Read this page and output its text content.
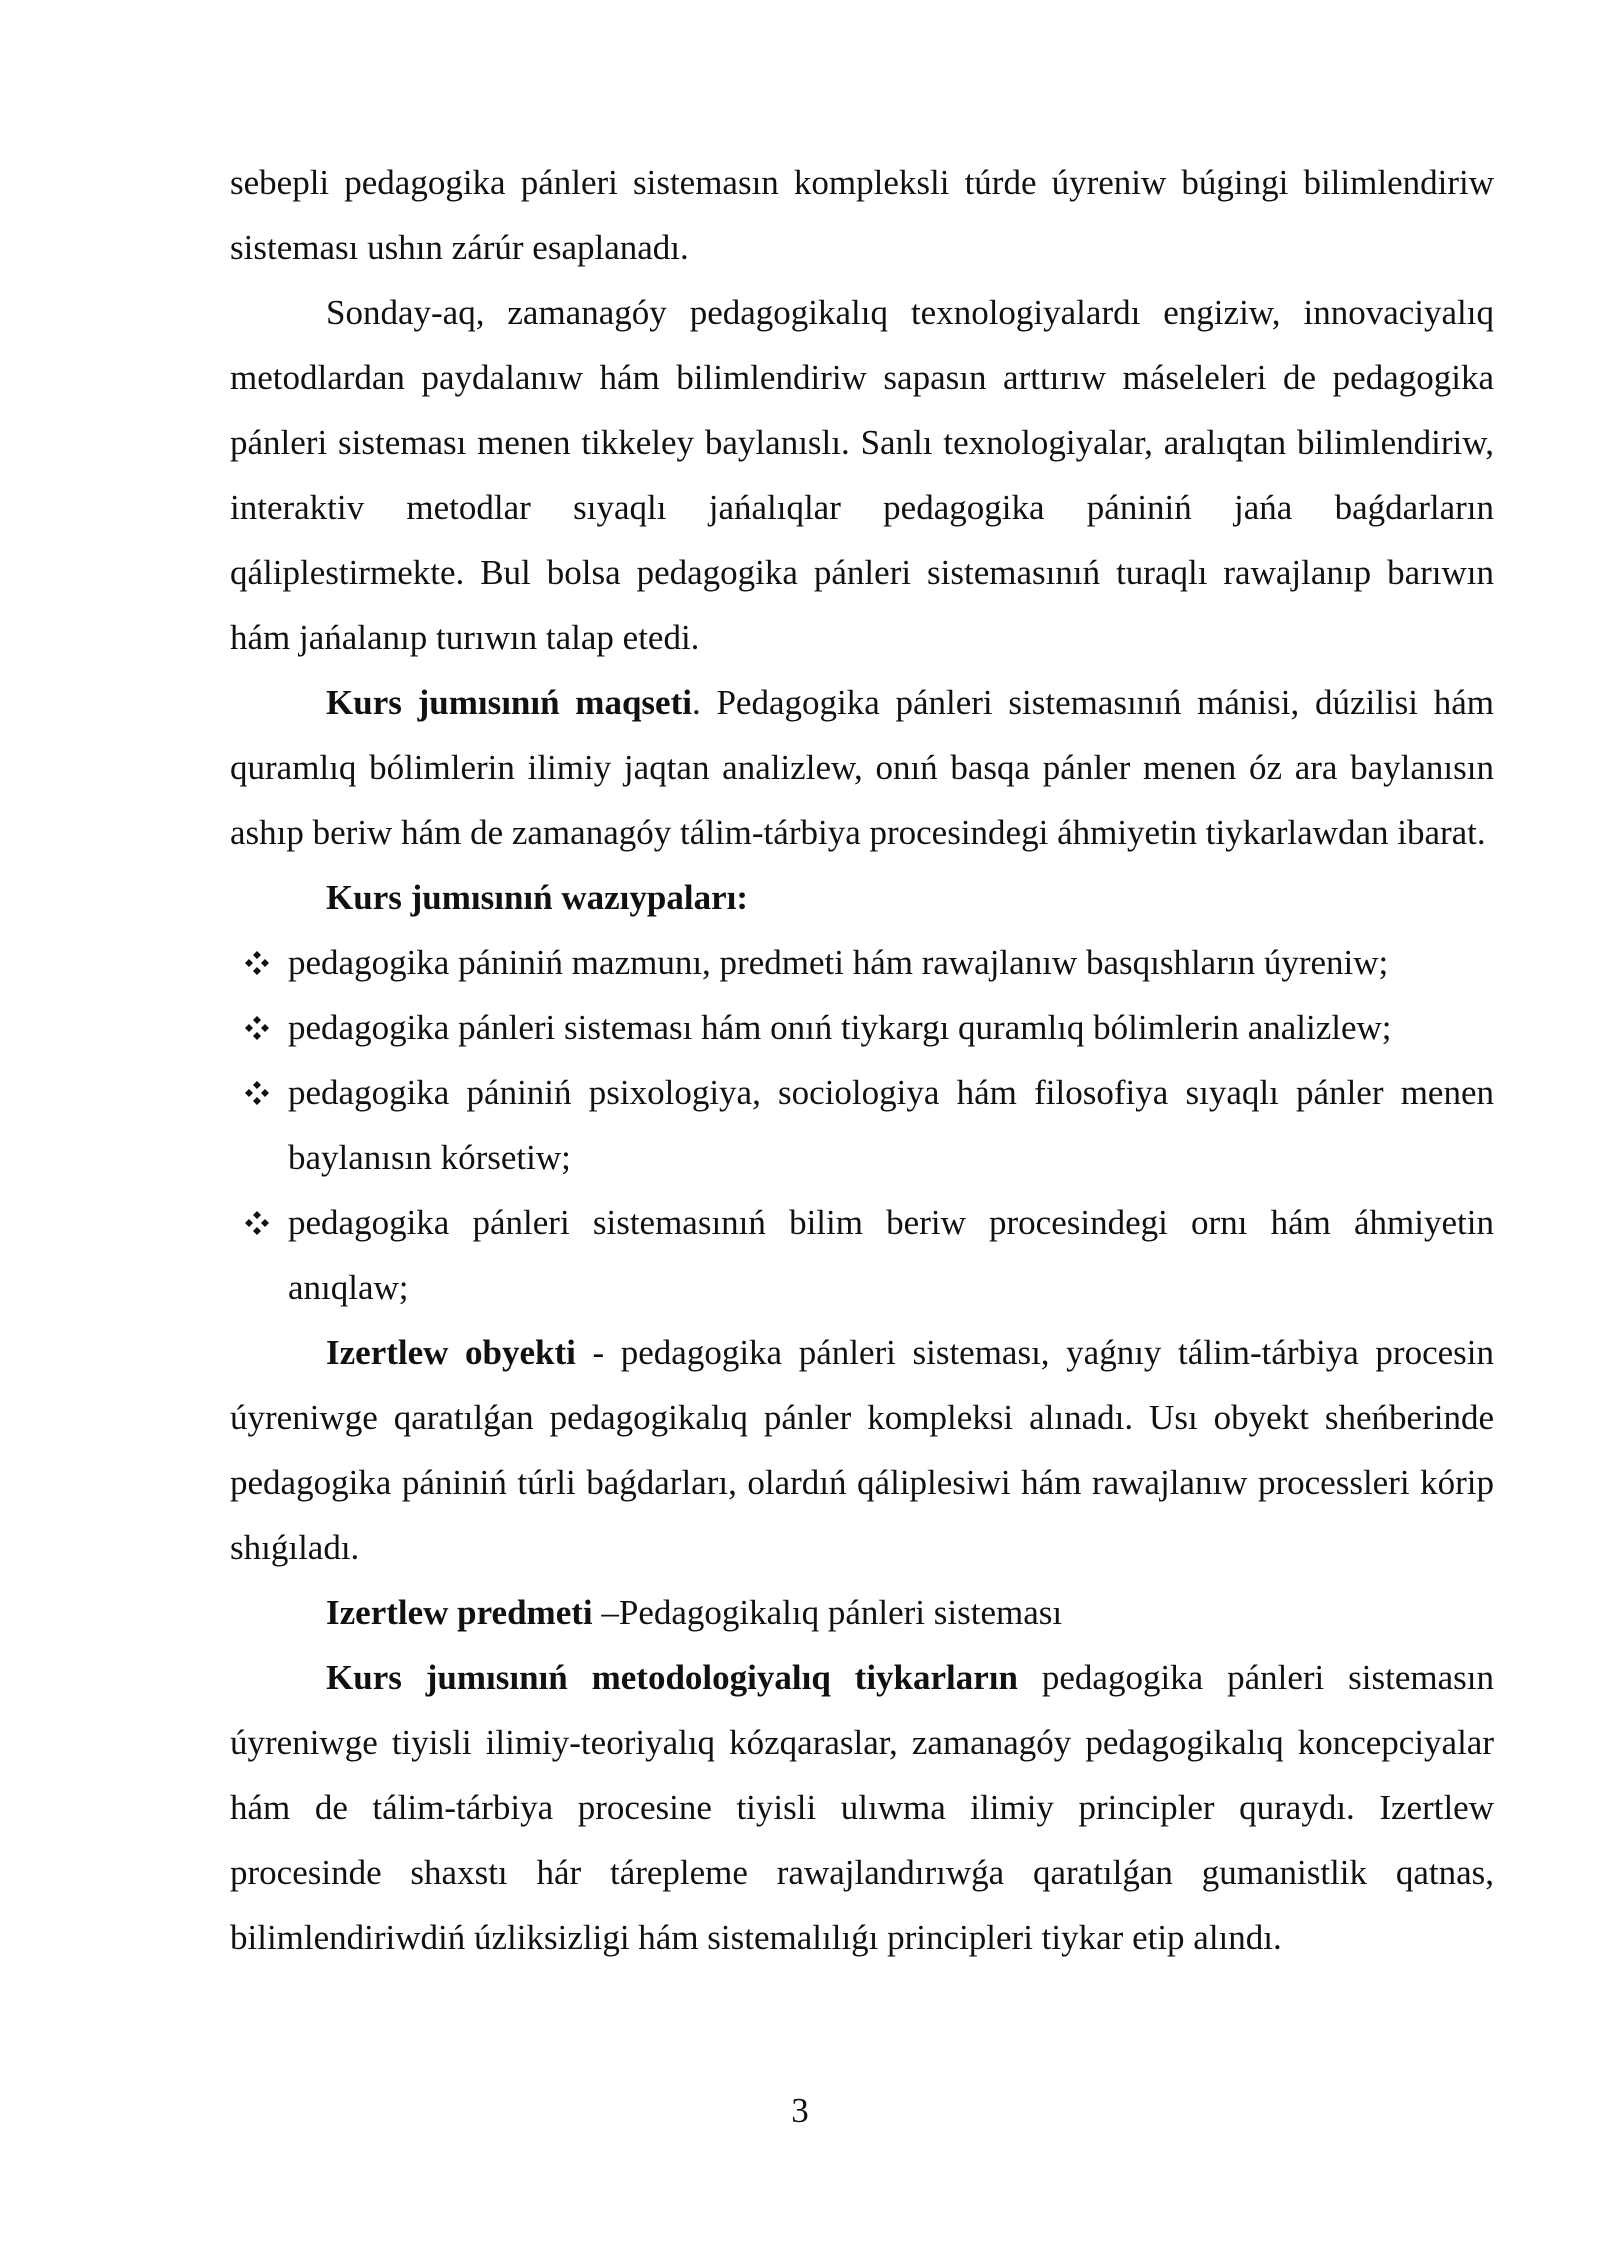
sebepli pedagogika pánleri sistemasın kompleksli túrde úyreniw búgingi bilimlendiriw sisteması ushın zárúr esaplanadı.

Sonday-aq, zamanagóy pedagogikalıq texnologiyalardı engiziw, innovaciyalıq metodlardan paydalanıw hám bilimlendiriw sapasın arttırıw máseleleri de pedagogika pánleri sisteması menen tikkeley baylanıslı. Sanlı texnologiyalar, aralıqtan bilimlendiriw, interaktiv metodlar sıyaqlı jańalıqlar pedagogika pániniń jańa baǵdarların qáliplestirmekte. Bul bolsa pedagogika pánleri sistemasınıń turaqlı rawajlanıp barıwın hám jańalanıp turıwın talap etedi.

Kurs jumısınıń maqseti. Pedagogika pánleri sistemasınıń mánisi, dúzilisi hám quramlıq bólimlerin ilimiy jaqtan analizlew, onıń basqa pánler menen óz ara baylanısın ashıp beriw hám de zamanagóy tálim-tárbiya procesindegi áhmiyetin tiykarlawdan ibarat.

Kurs jumısınıń wazıypaları:

pedagogika pániniń mazmunı, predmeti hám rawajlanıw basqıshların úyreniw;
pedagogika pánleri sisteması hám onıń tiykargı quramlıq bólimlerin analizlew;
pedagogika pániniń psixologiya, sociologiya hám filosofiya sıyaqlı pánler menen baylanısın kórsetiw;
pedagogika pánleri sistemasınıń bilim beriw procesindegi ornı hám áhmiyetin anıqlaw;

Izertlew obyekti - pedagogika pánleri sisteması, yaǵnıy tálim-tárbiya procesin úyreniwge qaratılǵan pedagogikalıq pánler kompleksi alınadı. Usı obyekt sheńberinde pedagogika pániniń túrli baǵdarları, olardıń qáliplesiwi hám rawajlanıw processleri kórip shıǵıladı.

Izertlew predmeti –Pedagogikalıq pánleri sisteması

Kurs jumısınıń metodologiyalıq tiykarların pedagogika pánleri sistemasın úyreniwge tiyisli ilimiy-teoriyalıq kózqaraslar, zamanagóy pedagogikalıq koncepciyalar hám de tálim-tárbiya procesine tiyisli ulıwma ilimiy principler quraydı. Izertlew procesinde shaxstı hár tárepleme rawajlandırıwǵa qaratılǵan gumanistlik qatnas, bilimlendiriwdiń úzliksizligi hám sistemalılıǵı principleri tiykar etip alındı.

3
